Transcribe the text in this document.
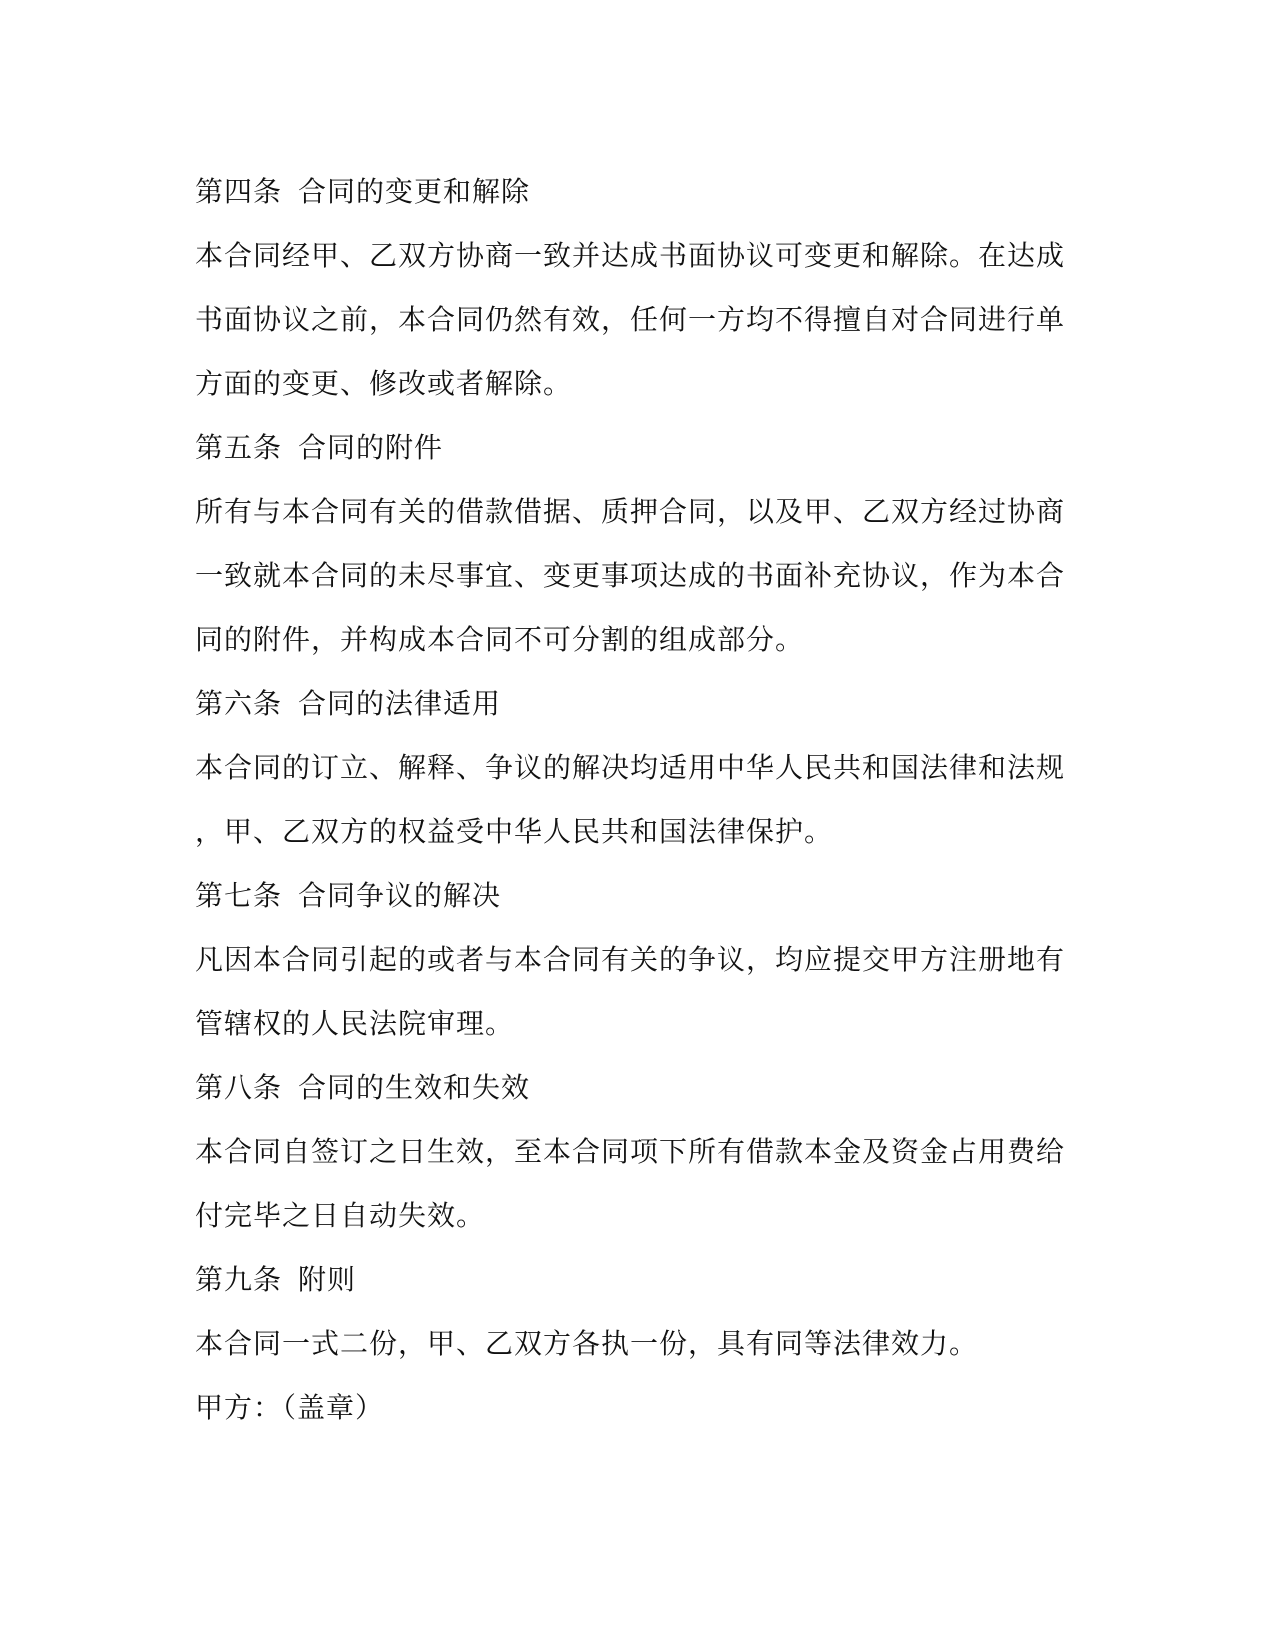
第四条 合同的变更和解除
本合同经甲、乙双方协商一致并达成书面协议可变更和解除。在达成
书面协议之前，本合同仍然有效，任何一方均不得擅自对合同进行单
方面的变更、修改或者解除。
第五条 合同的附件
所有与本合同有关的借款借据、质押合同，以及甲、乙双方经过协商
一致就本合同的未尽事宜、变更事项达成的书面补充协议，作为本合
同的附件，并构成本合同不可分割的组成部分。
第六条 合同的法律适用
本合同的订立、解释、争议的解决均适用中华人民共和国法律和法规
，甲、乙双方的权益受中华人民共和国法律保护。
第七条 合同争议的解决
凡因本合同引起的或者与本合同有关的争议，均应提交甲方注册地有
管辖权的人民法院审理。
第八条 合同的生效和失效
本合同自签订之日生效，至本合同项下所有借款本金及资金占用费给
付完毕之日自动失效。
第九条 附则
本合同一式二份，甲、乙双方各执一份，具有同等法律效力。
甲方：（盖章）
